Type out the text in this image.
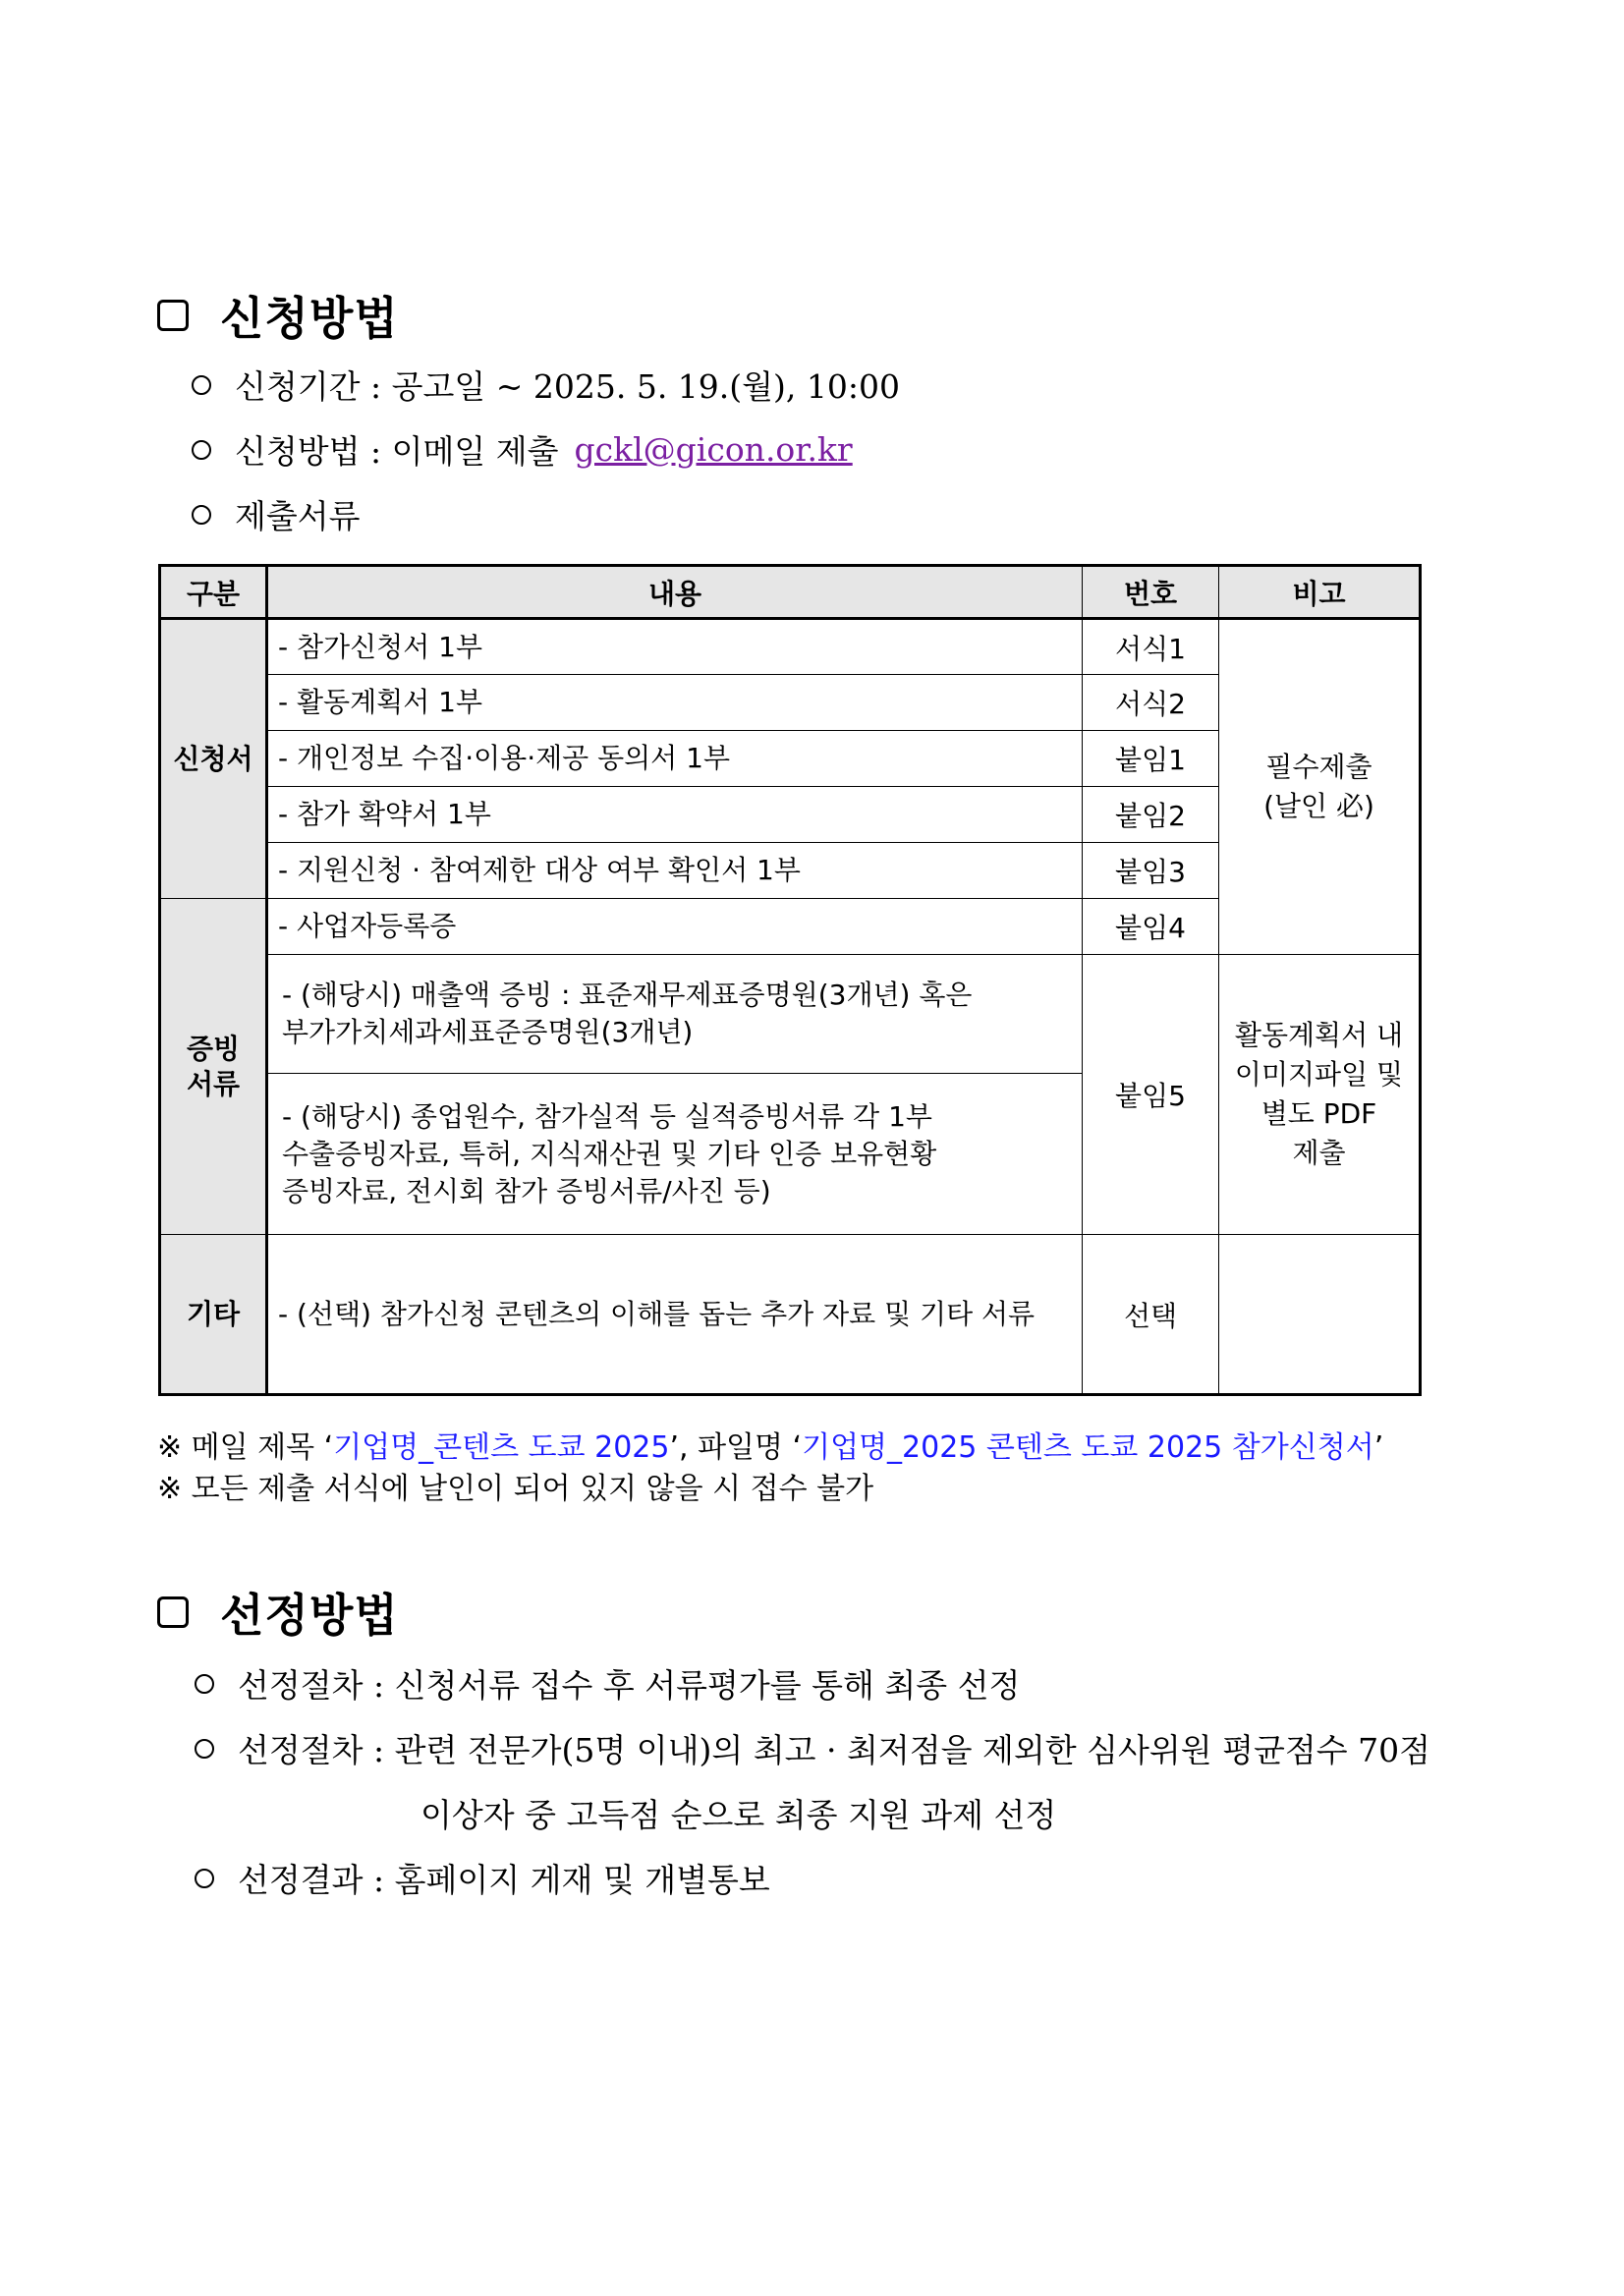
신청방법
신청기간 : 공고일 ~ 2025. 5. 19.(월), 10:00
신청방법 : 이메일 제출 gckl@gicon.or.kr
제출서류
구분	내용	번호	비고
신청서	- 참가신청서 1부	서식1	필수제출
(날인 必)
	- 활동계획서 1부	서식2	
	- 개인정보 수집·이용·제공 동의서 1부	붙임1	
	- 참가 확약서 1부	붙임2	
	- 지원신청 · 참여제한 대상 여부 확인서 1부	붙임3	
증빙
서류	- 사업자등록증	붙임4	
	- (해당시) 매출액 증빙 : 표준재무제표증명원(3개년) 혹은
부가가치세과세표준증명원(3개년)	붙임5	활동계획서 내
이미지파일 및
별도 PDF
제출
	- (해당시) 종업원수, 참가실적 등 실적증빙서류 각 1부
수출증빙자료, 특허, 지식재산권 및 기타 인증 보유현황
증빙자료, 전시회 참가 증빙서류/사진 등)		
기타	- (선택) 참가신청 콘텐츠의 이해를 돕는 추가 자료 및 기타 서류	선택	
※ 메일 제목 ‘기업명_콘텐츠 도쿄 2025’, 파일명 ‘기업명_2025 콘텐츠 도쿄 2025 참가신청서’
※ 모든 제출 서식에 날인이 되어 있지 않을 시 접수 불가
선정방법
선정절차 : 신청서류 접수 후 서류평가를 통해 최종 선정
선정절차 : 관련 전문가(5명 이내)의 최고 · 최저점을 제외한 심사위원 평균점수 70점
이상자 중 고득점 순으로 최종 지원 과제 선정
선정결과 : 홈페이지 게재 및 개별통보
